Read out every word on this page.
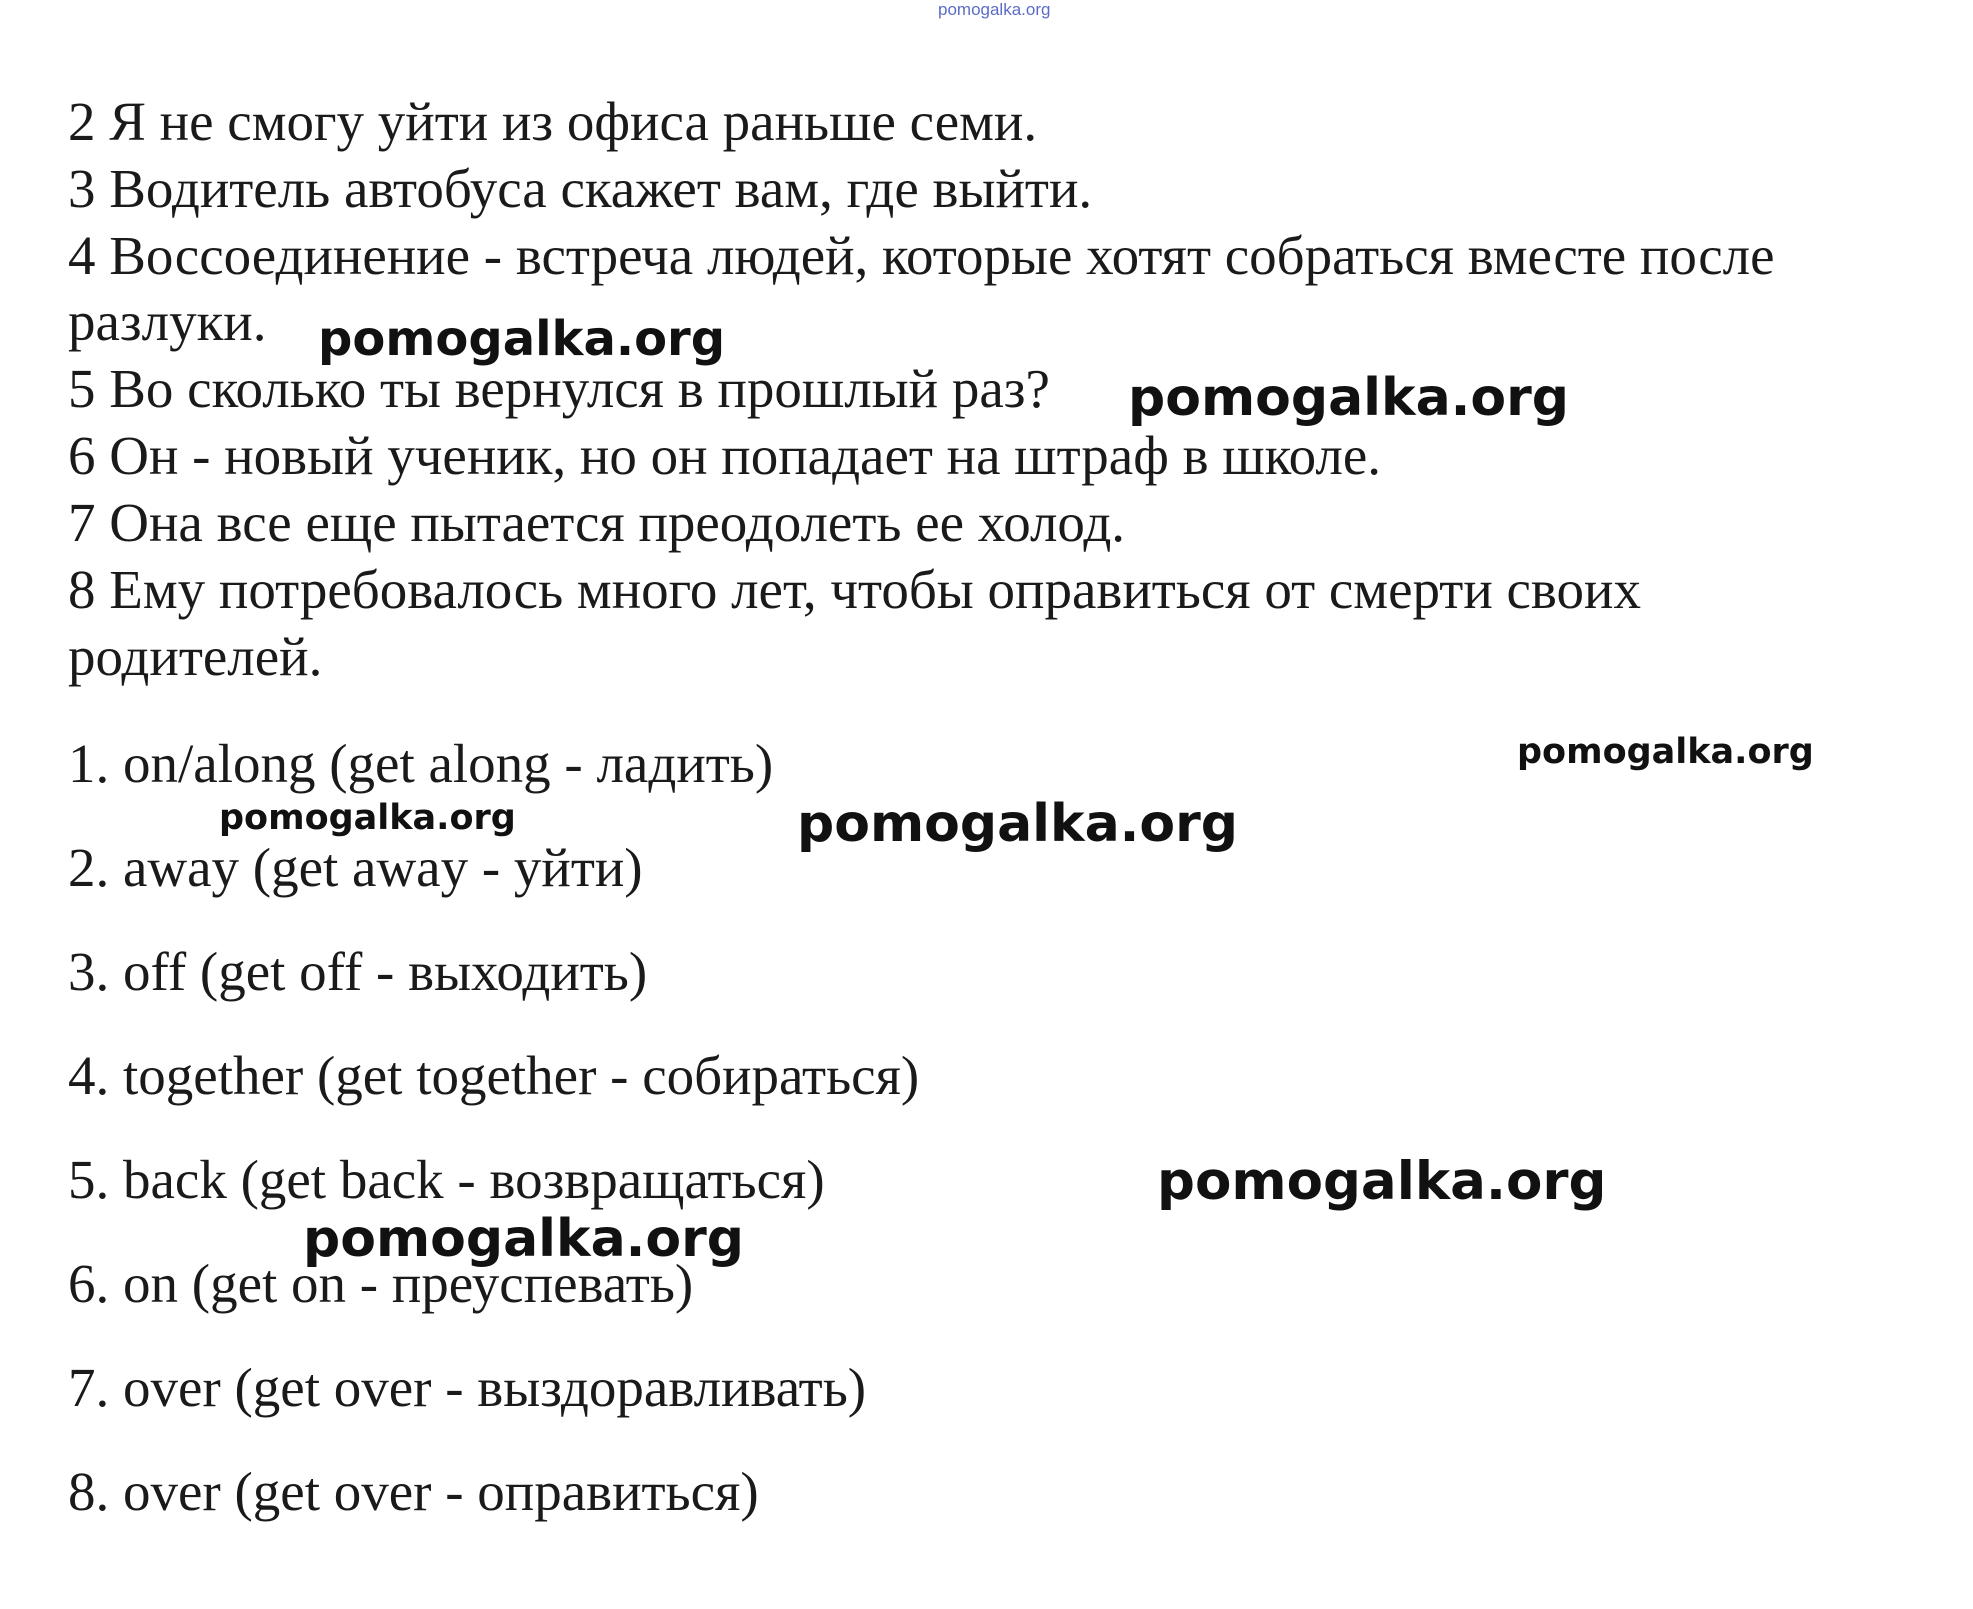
pomogalka.org

2 Я не смогу уйти из офиса раньше семи.

3 Водитель автобуса скажет вам, где выйти.

4 Воссоединение - встреча людей, которые хотят собраться вместе после

разлуки.

5 Во сколько ты вернулся в прошлый раз?

6 Он - новый ученик, но он попадает на штраф в школе.

7 Она все еще пытается преодолеть ее холод.

8 Ему потребовалось много лет, чтобы оправиться от смерти своих

родителей.

1. on/along (get along - ладить)

2. away (get away - уйти)

3. off (get off - выходить)

4. together (get together - собираться)

5. back (get back - возвращаться)

6. on (get on - преуспевать)

7. over (get over - выздоравливать)

8. over (get over - оправиться)

pomogalka.org
pomogalka.org
pomogalka.org
pomogalka.org	pomogalka.org
pomogalka.org
pomogalka.org
